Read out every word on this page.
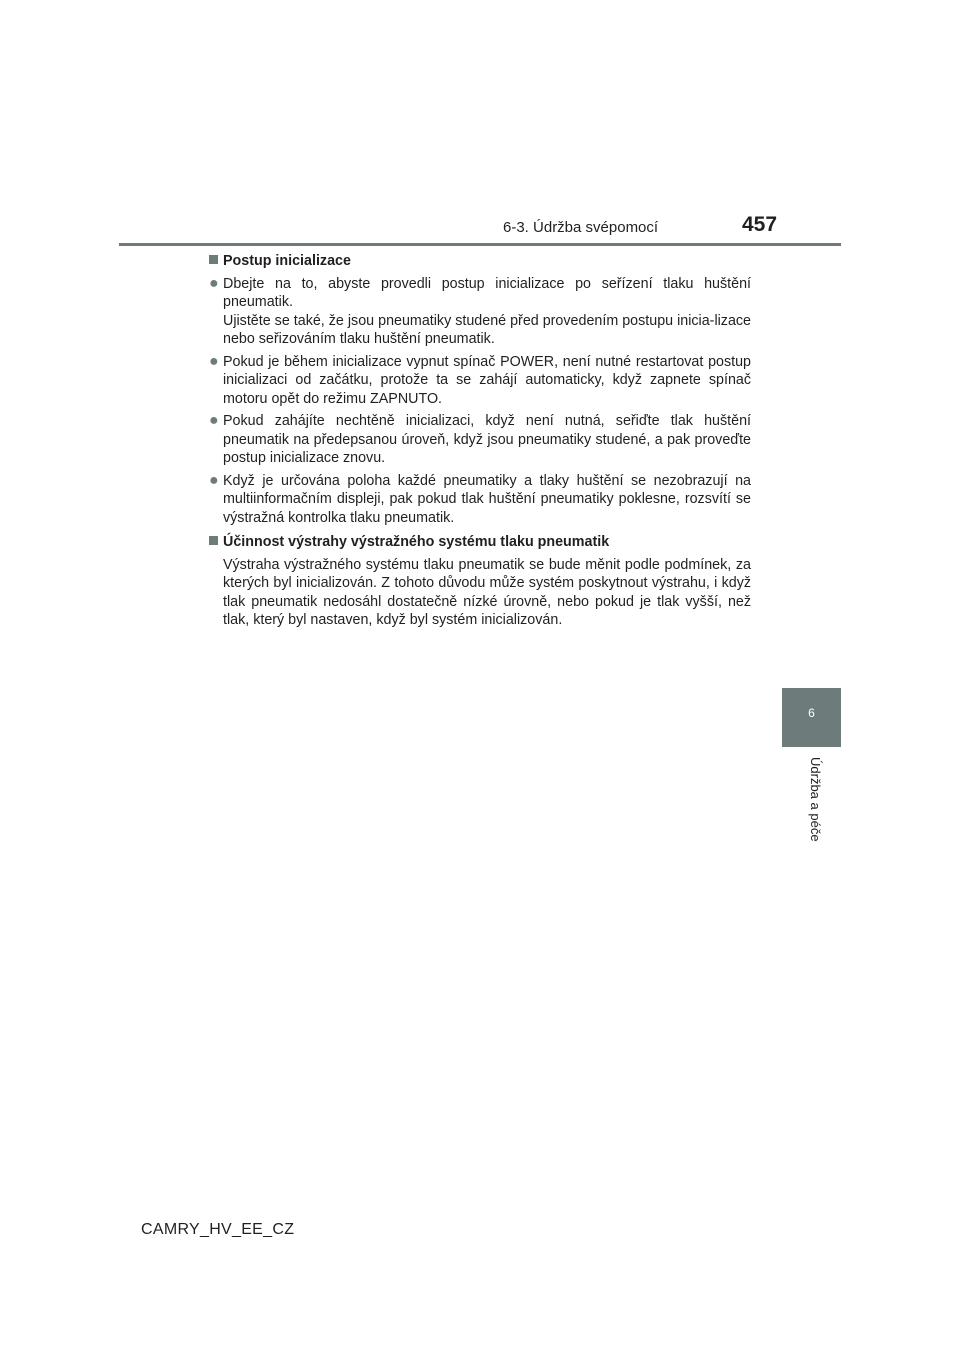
6-3. Údržba svépomocí	457
6
Údržba a péče
Postup inicializace
● Dbejte na to, abyste provedli postup inicializace po seřízení tlaku huštění pneumatik.
Ujistěte se také, že jsou pneumatiky studené před provedením postupu inicia-lizace nebo seřizováním tlaku huštění pneumatik.
● Pokud je během inicializace vypnut spínač POWER, není nutné restartovat postup inicializaci od začátku, protože ta se zahájí automaticky, když zapnete spínač motoru opět do režimu ZAPNUTO.
● Pokud zahájíte nechtěně inicializaci, když není nutná, seřiďte tlak huštění pneumatik na předepsanou úroveň, když jsou pneumatiky studené, a pak proveďte postup inicializace znovu.
● Když je určována poloha každé pneumatiky a tlaky huštění se nezobrazují na multiinformačním displeji, pak pokud tlak huštění pneumatiky poklesne, rozsvítí se výstražná kontrolka tlaku pneumatik.
Účinnost výstrahy výstražného systému tlaku pneumatik
Výstraha výstražného systému tlaku pneumatik se bude měnit podle podmínek, za kterých byl inicializován. Z tohoto důvodu může systém poskytnout výstrahu, i když tlak pneumatik nedosáhl dostatečně nízké úrovně, nebo pokud je tlak vyšší, než tlak, který byl nastaven, když byl systém inicializován.
CAMRY_HV_EE_CZ
